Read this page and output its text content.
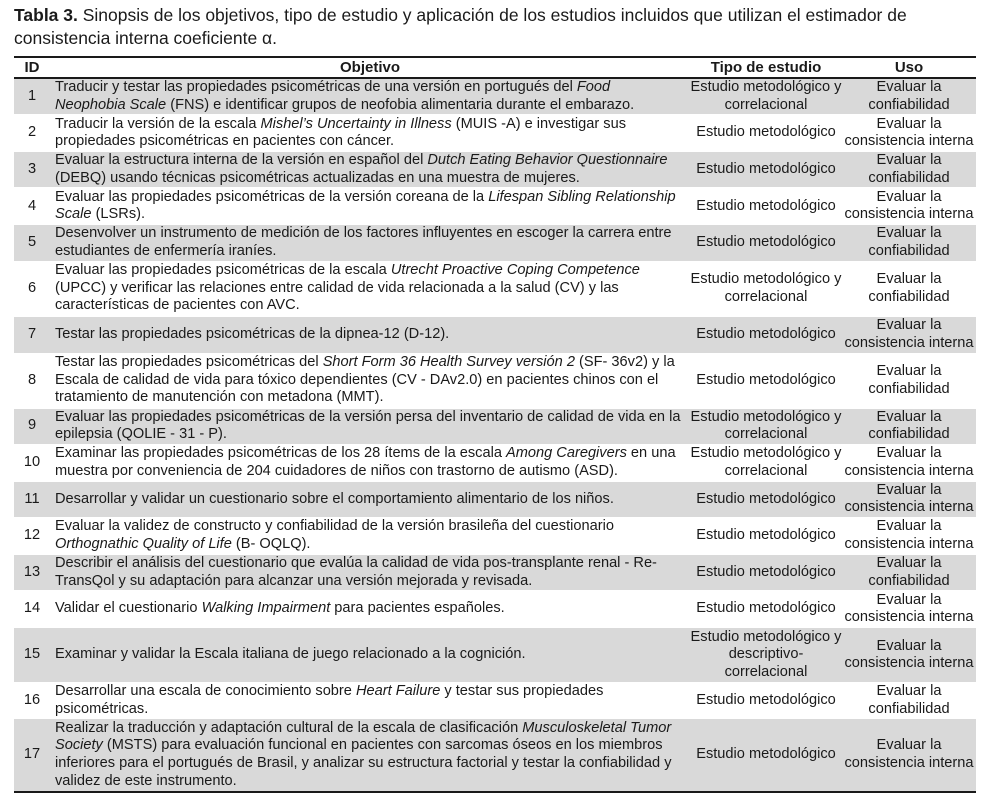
Tabla 3. Sinopsis de los objetivos, tipo de estudio y aplicación de los estudios incluidos que utilizan el estimador de consistencia interna coeficiente α.
ID	Objetivo	Tipo de estudio	Uso
1	Traducir y testar las propiedades psicométricas de una versión en portugués del Food Neophobia Scale (FNS) e identificar grupos de neofobia alimentaria durante el embarazo.	Estudio metodológico y correlacional	Evaluar la confiabilidad
2	Traducir la versión de la escala Mishel’s Uncertainty in Illness (MUIS -A) e investigar sus propiedades psicométricas en pacientes con cáncer.	Estudio metodológico	Evaluar la consistencia interna
3	Evaluar la estructura interna de la versión en español del Dutch Eating Behavior Questionnaire (DEBQ) usando técnicas psicométricas actualizadas en una muestra de mujeres.	Estudio metodológico	Evaluar la confiabilidad
4	Evaluar las propiedades psicométricas de la versión coreana de la Lifespan Sibling Relationship Scale (LSRs).	Estudio metodológico	Evaluar la consistencia interna
5	Desenvolver un instrumento de medición de los factores influyentes en escoger la carrera entre estudiantes de enfermería iraníes.	Estudio metodológico	Evaluar la confiabilidad
6	Evaluar las propiedades psicométricas de la escala Utrecht Proactive Coping Competence (UPCC) y verificar las relaciones entre calidad de vida relacionada a la salud (CV) y las características de pacientes con AVC.	Estudio metodológico y correlacional	Evaluar la confiabilidad
7	Testar las propiedades psicométricas de la dipnea-12 (D-12).	Estudio metodológico	Evaluar la consistencia interna
8	Testar las propiedades psicométricas del Short Form 36 Health Survey versión 2 (SF- 36v2) y la Escala de calidad de vida para tóxico dependientes (CV - DAv2.0) en pacientes chinos con el tratamiento de manutención con metadona (MMT).	Estudio metodológico	Evaluar la confiabilidad
9	Evaluar las propiedades psicométricas de la versión persa del inventario de calidad de vida en la epilepsia (QOLIE - 31 - P).	Estudio metodológico y correlacional	Evaluar la confiabilidad
10	Examinar las propiedades psicométricas de los 28 ítems de la escala Among Caregivers en una muestra por conveniencia de 204 cuidadores de niños con trastorno de autismo (ASD).	Estudio metodológico y correlacional	Evaluar la consistencia interna
11	Desarrollar y validar un cuestionario sobre el comportamiento alimentario de los niños.	Estudio metodológico	Evaluar la consistencia interna
12	Evaluar la validez de constructo y confiabilidad de la versión brasileña del cuestionario Orthognathic Quality of Life (B- OQLQ).	Estudio metodológico	Evaluar la consistencia interna
13	Describir el análisis del cuestionario que evalúa la calidad de vida pos-transplante renal - Re-TransQol y su adaptación para alcanzar una versión mejorada y revisada.	Estudio metodológico	Evaluar la confiabilidad
14	Validar el cuestionario Walking Impairment para pacientes españoles.	Estudio metodológico	Evaluar la consistencia interna
15	Examinar y validar la Escala italiana de juego relacionado a la cognición.	Estudio metodológico y descriptivo-correlacional	Evaluar la consistencia interna
16	Desarrollar una escala de conocimiento sobre Heart Failure y testar sus propiedades psicométricas.	Estudio metodológico	Evaluar la confiabilidad
17	Realizar la traducción y adaptación cultural de la escala de clasificación Musculoskeletal Tumor Society (MSTS) para evaluación funcional en pacientes con sarcomas óseos en los miembros inferiores para el portugués de Brasil, y analizar su estructura factorial y testar la confiabilidad y validez de este instrumento.	Estudio metodológico	Evaluar la consistencia interna
